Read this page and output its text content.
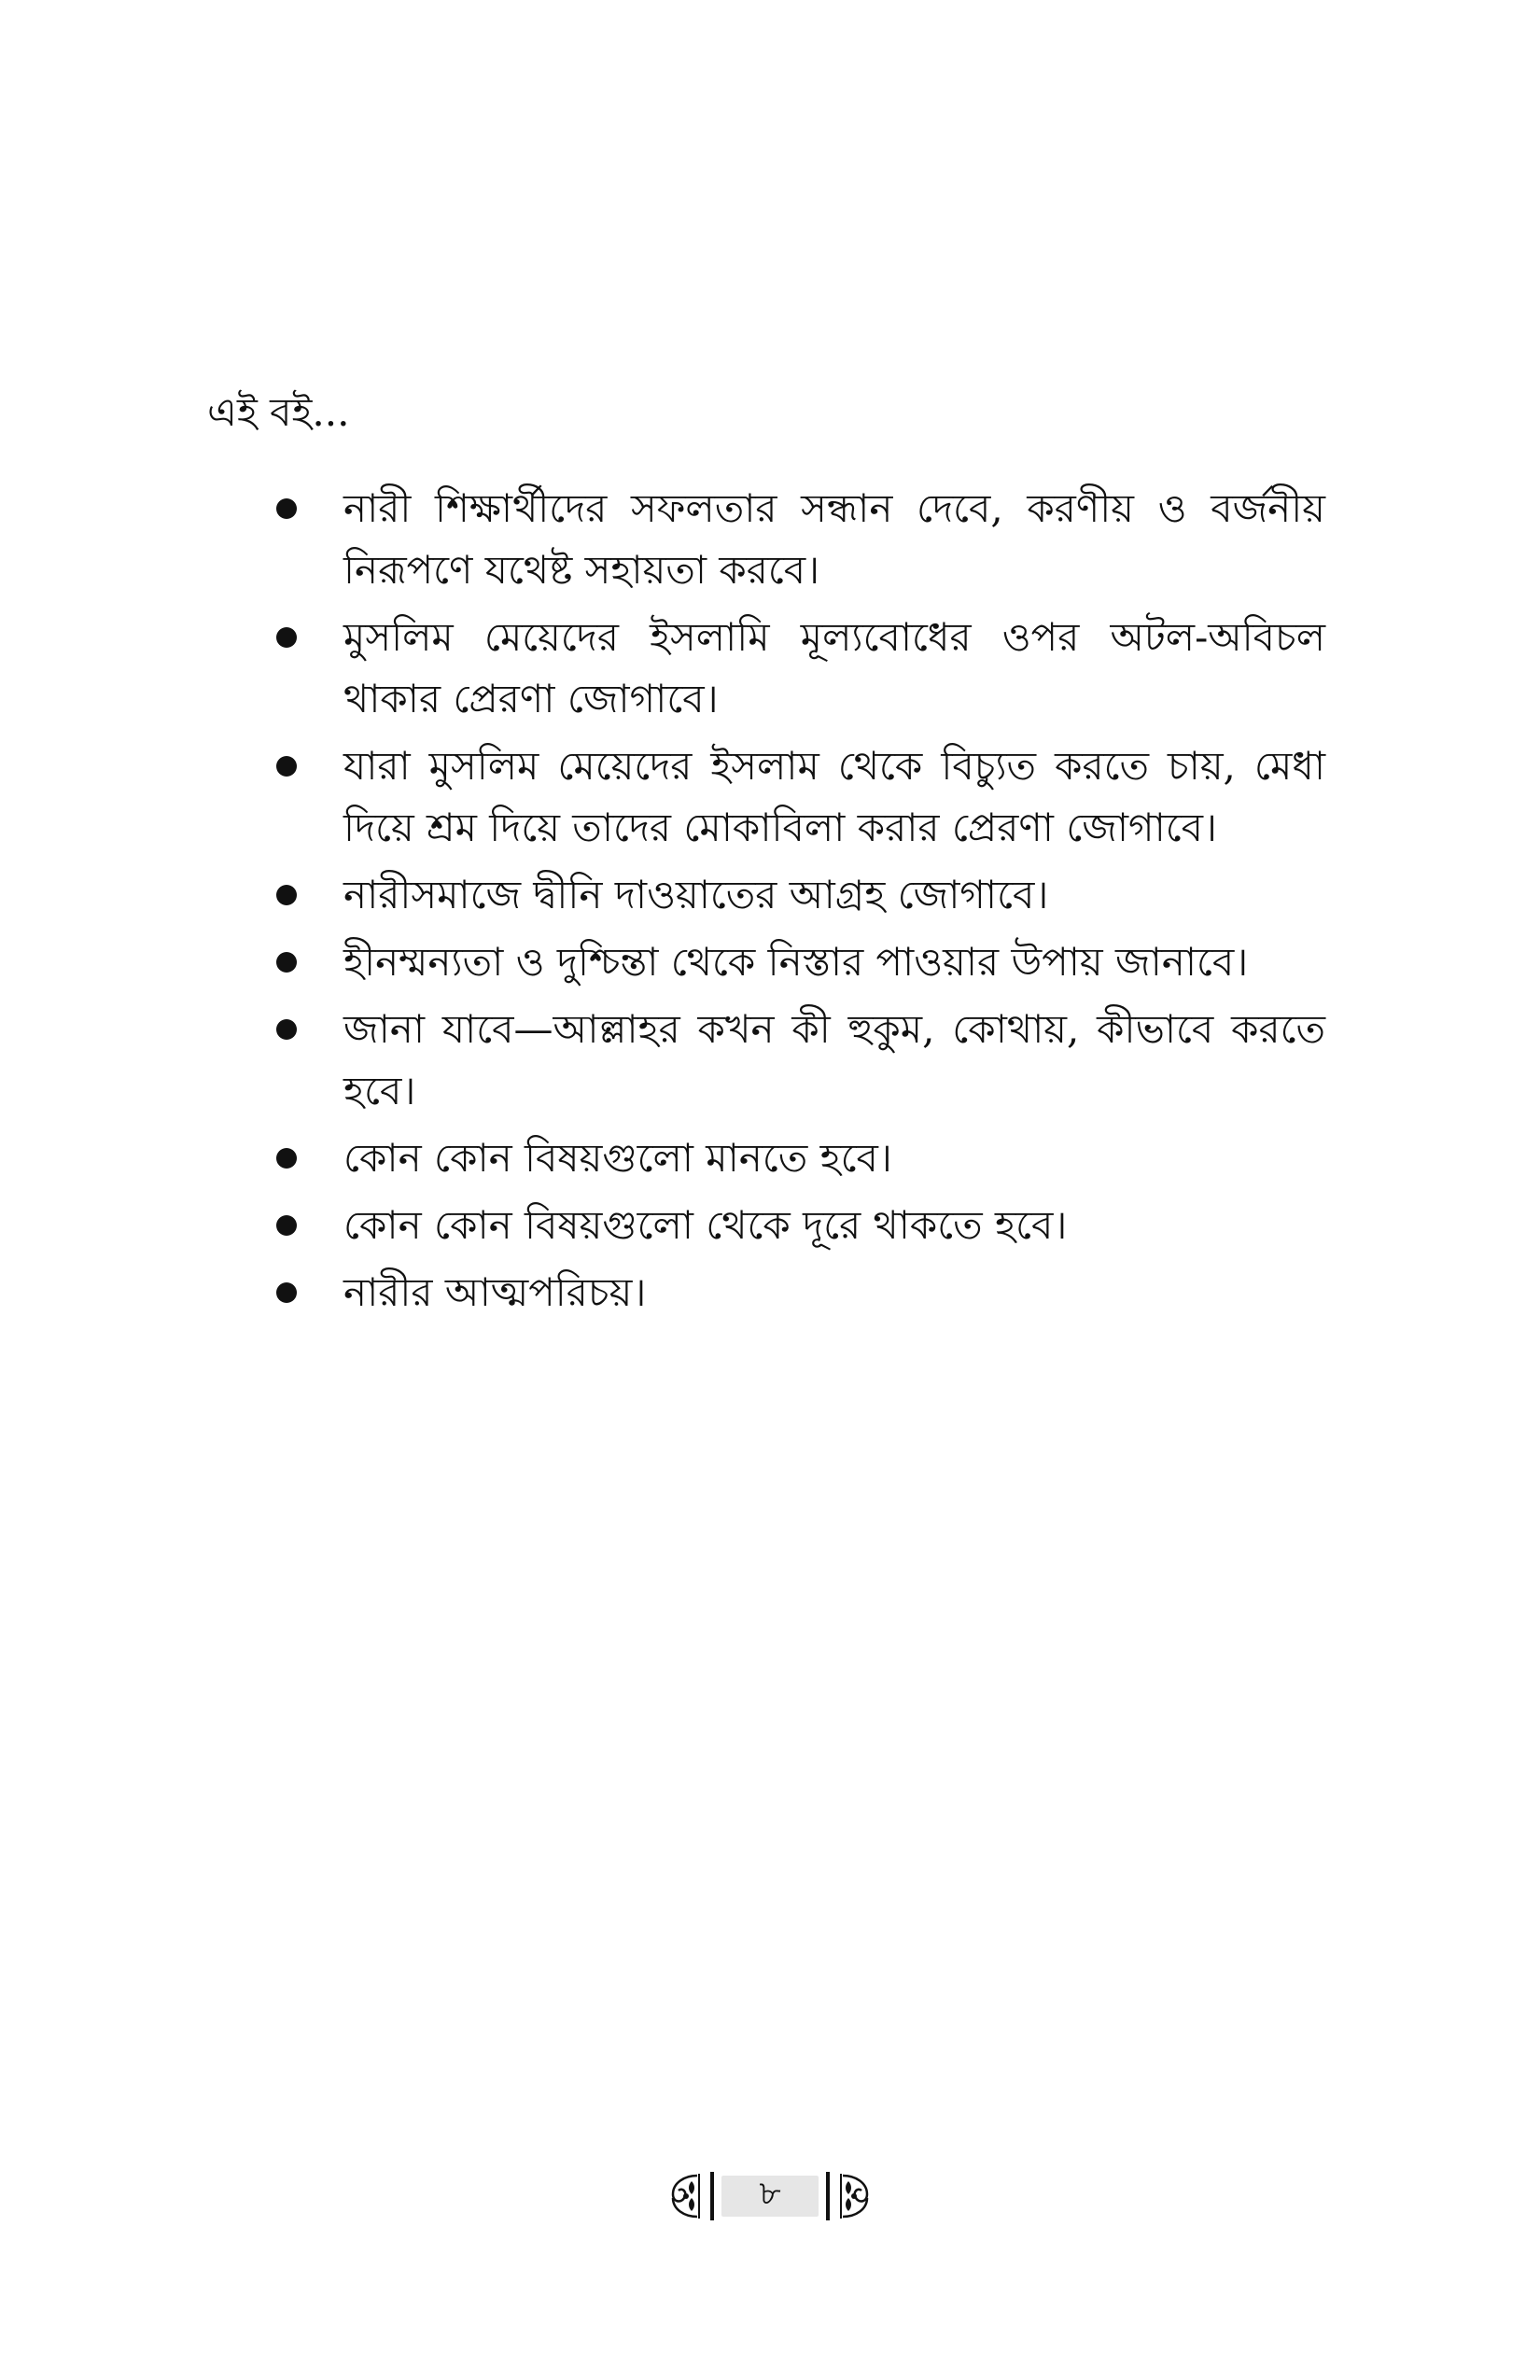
এই বই...
নারী শিক্ষার্থীদের সফলতার সন্ধান দেবে, করণীয় ও বর্জনীয় নিরূপণে যথেষ্ট সহায়তা করবে।
মুসলিম মেয়েদের ইসলামি মূল্যবোধের ওপর অটল-অবিচল থাকার প্রেরণা জোগাবে।
যারা মুসলিম মেয়েদের ইসলাম থেকে বিচ্যুত করতে চায়, মেধা দিয়ে শ্রম দিয়ে তাদের মোকাবিলা করার প্রেরণা জোগাবে।
নারীসমাজে দ্বীনি দাওয়াতের আগ্রহ জোগাবে।
হীনম্মন্যতা ও দুশ্চিন্তা থেকে নিস্তার পাওয়ার উপায় জানাবে।
জানা যাবে—আল্লাহর কখন কী হুকুম, কোথায়, কীভাবে করতে হবে।
কোন কোন বিষয়গুলো মানতে হবে।
কোন কোন বিষয়গুলো থেকে দূরে থাকতে হবে।
নারীর আত্মপরিচয়।
৮
